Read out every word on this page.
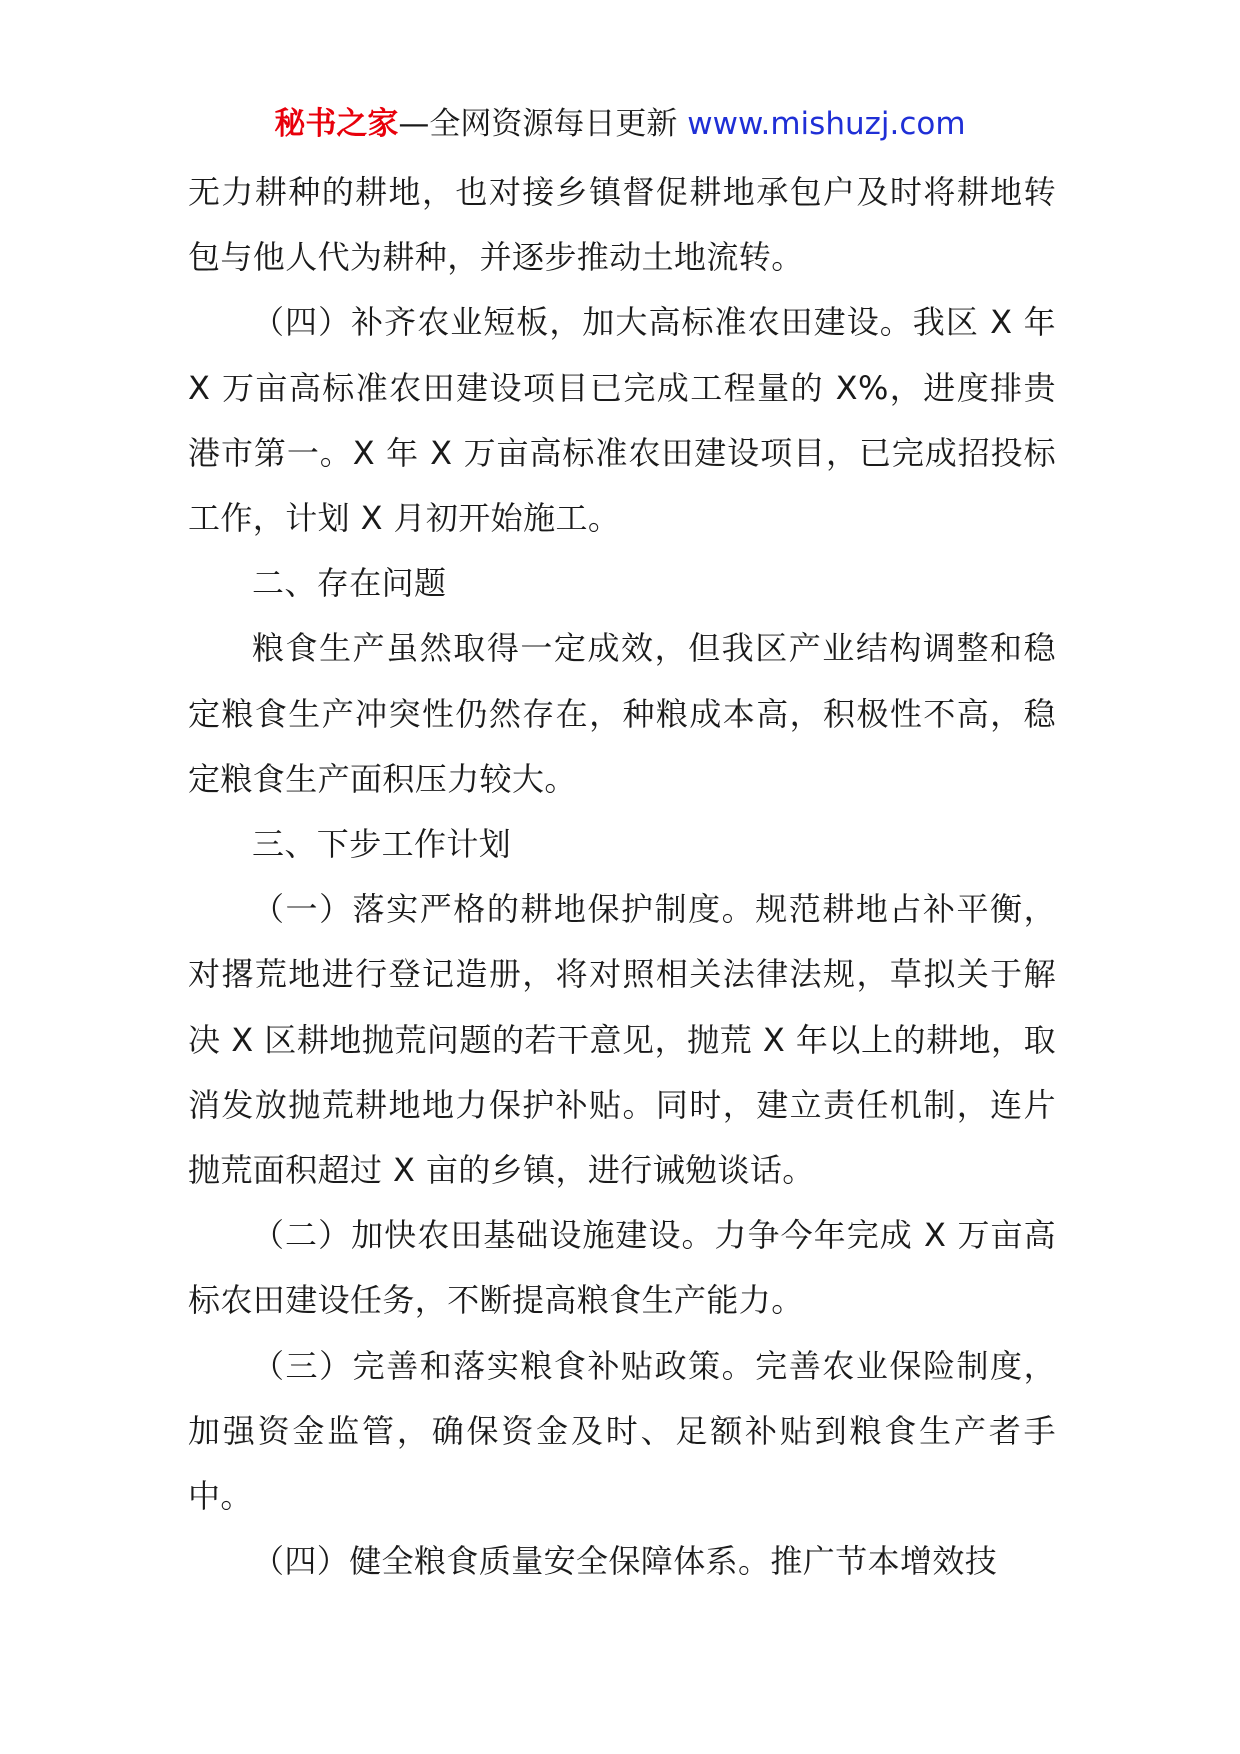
秘书之家—全网资源每日更新 www.mishuzj.com

无力耕种的耕地，也对接乡镇督促耕地承包户及时将耕地转包与他人代为耕种，并逐步推动土地流转。

（四）补齐农业短板，加大高标准农田建设。我区 X 年 X 万亩高标准农田建设项目已完成工程量的 X%，进度排贵港市第一。X 年 X 万亩高标准农田建设项目，已完成招投标工作，计划 X 月初开始施工。

二、存在问题

粮食生产虽然取得一定成效，但我区产业结构调整和稳定粮食生产冲突性仍然存在，种粮成本高，积极性不高，稳定粮食生产面积压力较大。

三、下步工作计划

（一）落实严格的耕地保护制度。规范耕地占补平衡，对撂荒地进行登记造册，将对照相关法律法规，草拟关于解决 X 区耕地抛荒问题的若干意见，抛荒 X 年以上的耕地，取消发放抛荒耕地地力保护补贴。同时，建立责任机制，连片抛荒面积超过 X 亩的乡镇，进行诫勉谈话。

（二）加快农田基础设施建设。力争今年完成 X 万亩高标农田建设任务，不断提高粮食生产能力。

（三）完善和落实粮食补贴政策。完善农业保险制度，加强资金监管，确保资金及时、足额补贴到粮食生产者手中。

（四）健全粮食质量安全保障体系。推广节本增效技
